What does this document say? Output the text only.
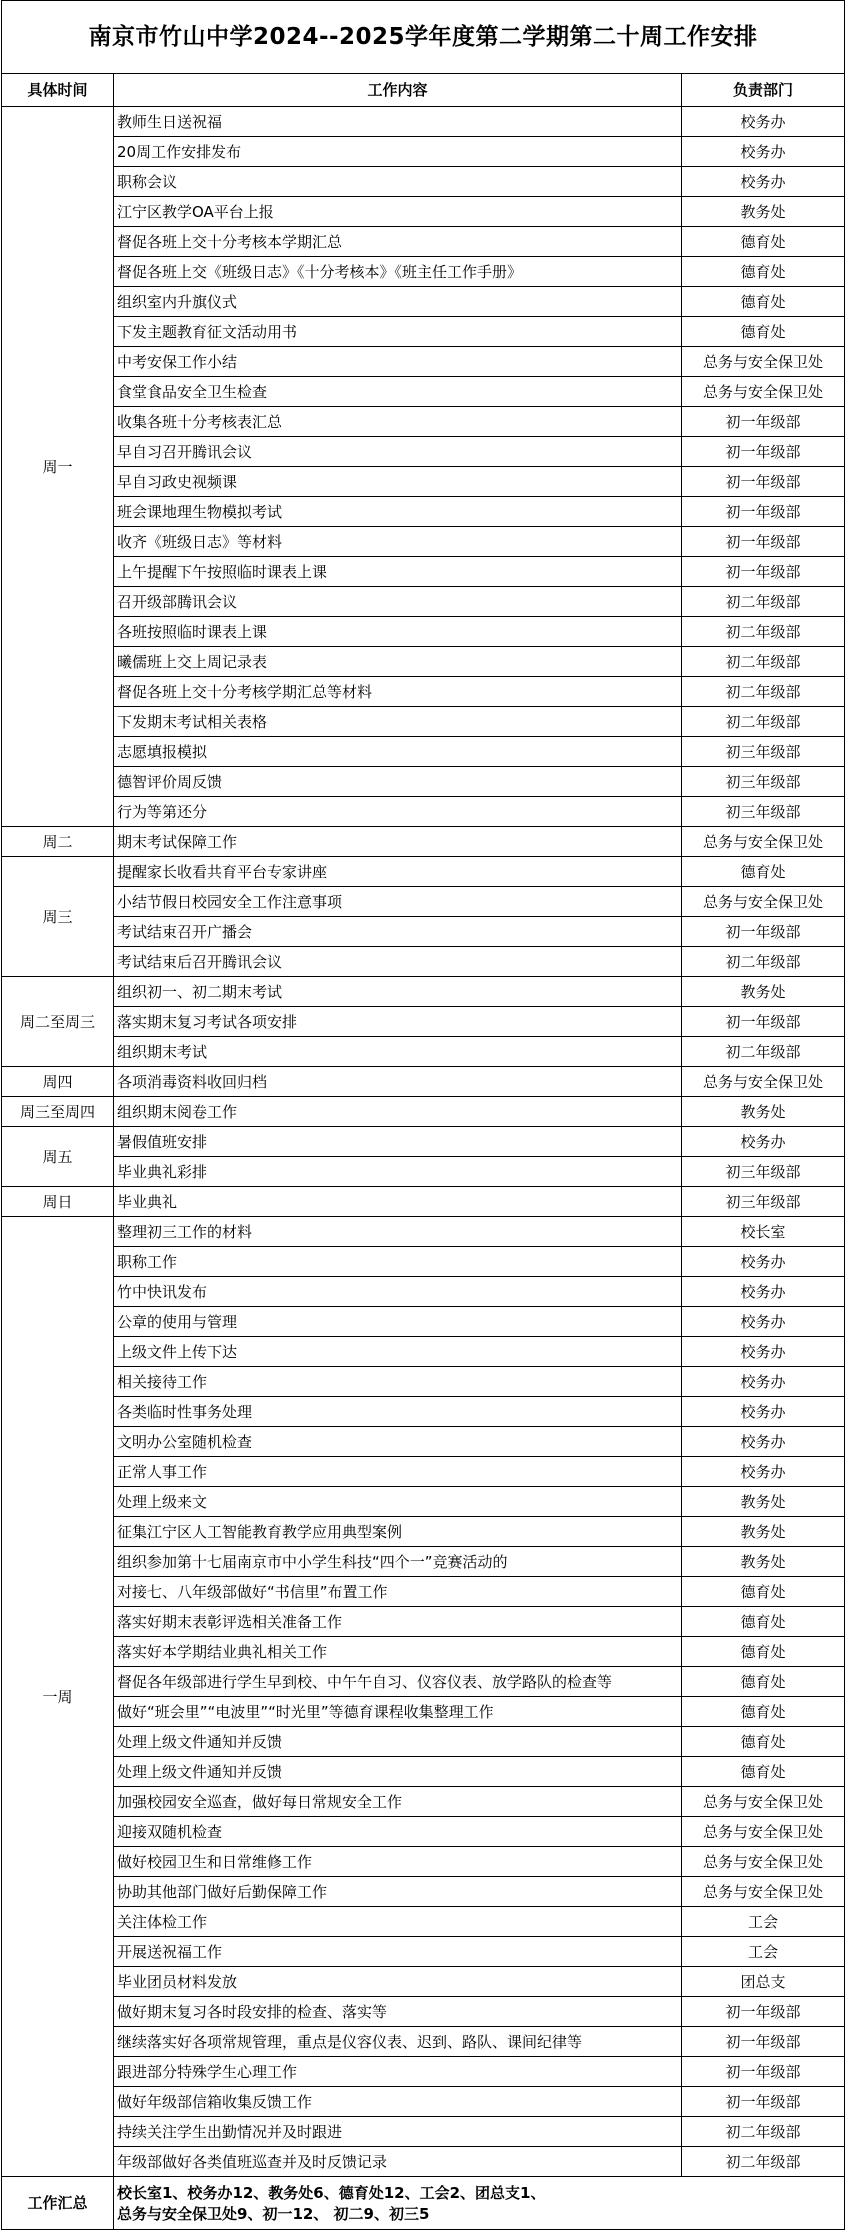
南京市竹山中学2024--2025学年度第二学期第二十周工作安排		
具体时间	工作内容	负责部门
周一	教师生日送祝福	校务办
	20周工作安排发布	校务办
	职称会议	校务办
	江宁区教学OA平台上报	教务处
	督促各班上交十分考核本学期汇总	德育处
	督促各班上交《班级日志》《十分考核本》《班主任工作手册》	德育处
	组织室内升旗仪式	德育处
	下发主题教育征文活动用书	德育处
	中考安保工作小结	总务与安全保卫处
	食堂食品安全卫生检查	总务与安全保卫处
	收集各班十分考核表汇总	初一年级部
	早自习召开腾讯会议	初一年级部
	早自习政史视频课	初一年级部
	班会课地理生物模拟考试	初一年级部
	收齐《班级日志》等材料	初一年级部
	上午提醒下午按照临时课表上课	初一年级部
	召开级部腾讯会议	初二年级部
	各班按照临时课表上课	初二年级部
	曦儒班上交上周记录表	初二年级部
	督促各班上交十分考核学期汇总等材料	初二年级部
	下发期末考试相关表格	初二年级部
	志愿填报模拟	初三年级部
	德智评价周反馈	初三年级部
	行为等第还分	初三年级部
周二	期末考试保障工作	总务与安全保卫处
周三	提醒家长收看共育平台专家讲座	德育处
	小结节假日校园安全工作注意事项	总务与安全保卫处
	考试结束召开广播会	初一年级部
	考试结束后召开腾讯会议	初二年级部
周二至周三	组织初一、初二期末考试	教务处
	落实期末复习考试各项安排	初一年级部
	组织期末考试	初二年级部
周四	各项消毒资料收回归档	总务与安全保卫处
周三至周四	组织期末阅卷工作	教务处
周五	暑假值班安排	校务办
	毕业典礼彩排	初三年级部
周日	毕业典礼	初三年级部
一周	整理初三工作的材料	校长室
	职称工作	校务办
	竹中快讯发布	校务办
	公章的使用与管理	校务办
	上级文件上传下达	校务办
	相关接待工作	校务办
	各类临时性事务处理	校务办
	文明办公室随机检查	校务办
	正常人事工作	校务办
	处理上级来文	教务处
	征集江宁区人工智能教育教学应用典型案例	教务处
	组织参加第十七届南京市中小学生科技“四个一”竞赛活动的	教务处
	对接七、八年级部做好“书信里”布置工作	德育处
	落实好期末表彰评选相关准备工作	德育处
	落实好本学期结业典礼相关工作	德育处
	督促各年级部进行学生早到校、中午午自习、仪容仪表、放学路队的检查等	德育处
	做好“班会里”“电波里”“时光里”等德育课程收集整理工作	德育处
	处理上级文件通知并反馈	德育处
	处理上级文件通知并反馈	德育处
	加强校园安全巡查，做好每日常规安全工作	总务与安全保卫处
	迎接双随机检查	总务与安全保卫处
	做好校园卫生和日常维修工作	总务与安全保卫处
	协助其他部门做好后勤保障工作	总务与安全保卫处
	关注体检工作	工会
	开展送祝福工作	工会
	毕业团员材料发放	团总支
	做好期末复习各时段安排的检查、落实等	初一年级部
	继续落实好各项常规管理，重点是仪容仪表、迟到、路队、课间纪律等	初一年级部
	跟进部分特殊学生心理工作	初一年级部
	做好年级部信箱收集反馈工作	初一年级部
	持续关注学生出勤情况并及时跟进	初二年级部
	年级部做好各类值班巡查并及时反馈记录	初二年级部
工作汇总	校长室1、校务办12、教务处6、德育处12、工会2、团总支1、
总务与安全保卫处9、初一12、 初二9、初三5	
